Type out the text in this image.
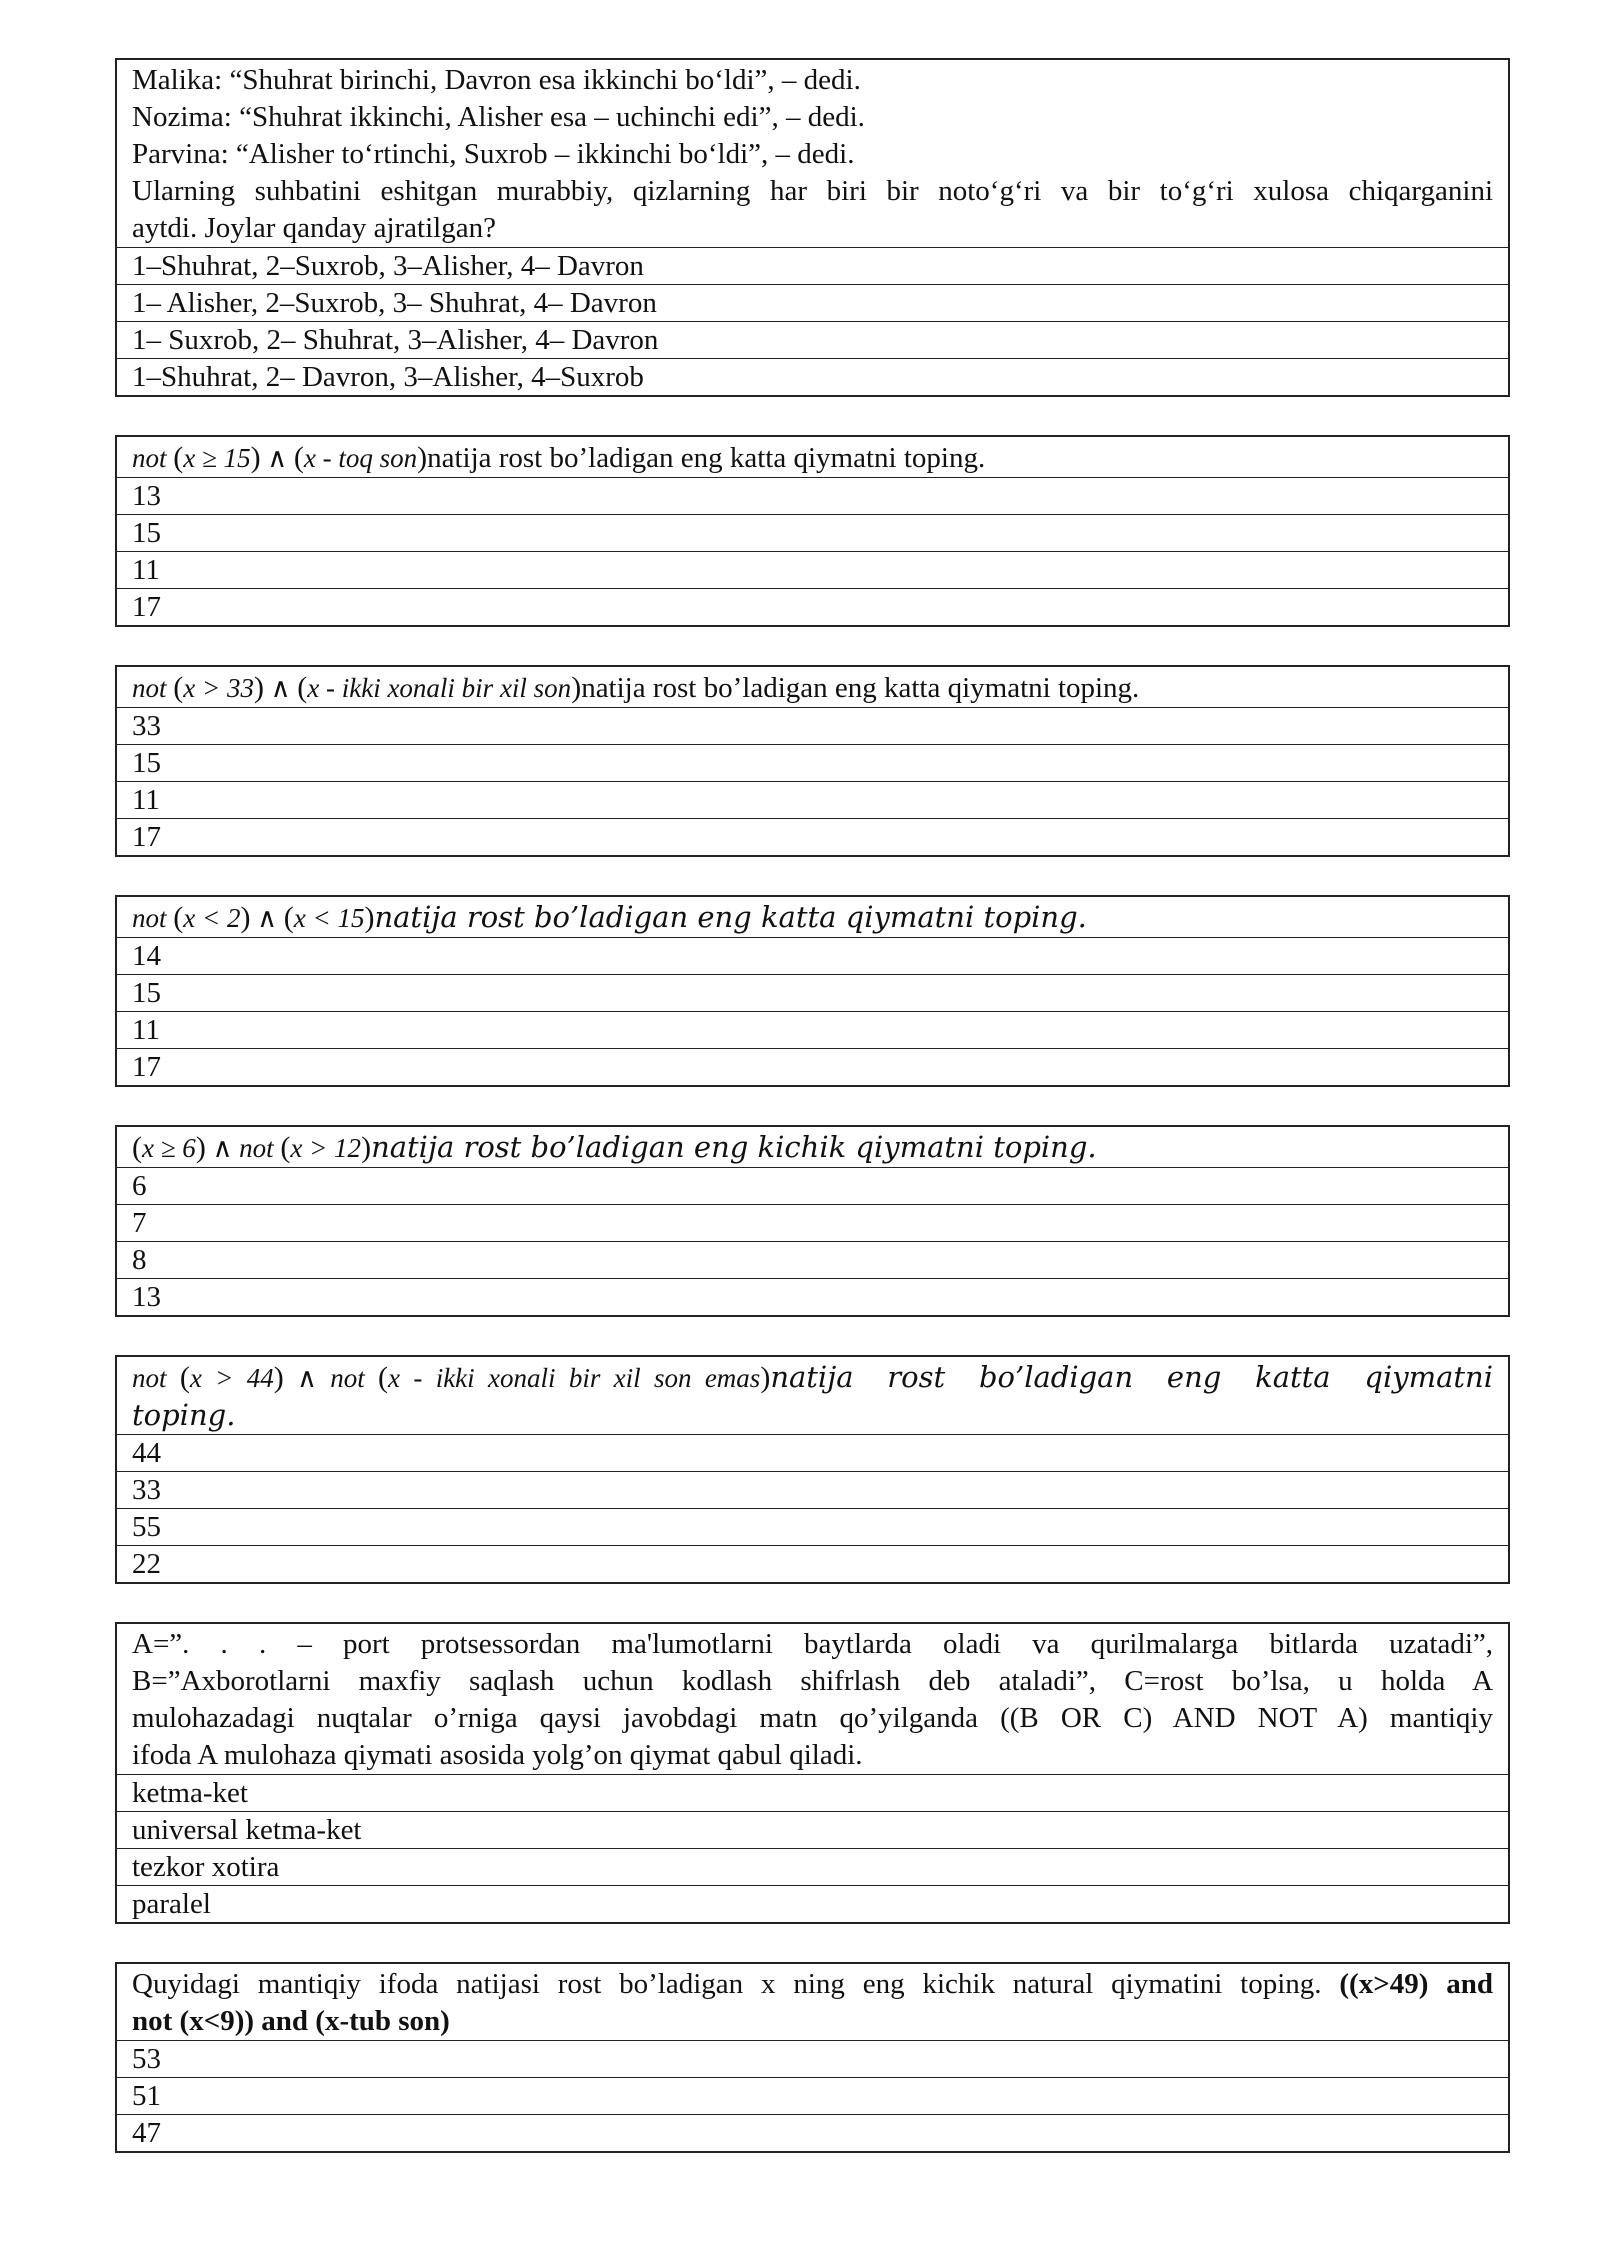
Malika: “Shuhrat birinchi, Davron esa ikkinchi bo‘ldi”, – dedi.
Nozima: “Shuhrat ikkinchi, Alisher esa – uchinchi edi”, – dedi.
Parvina: “Alisher to‘rtinchi, Suxrob – ikkinchi bo‘ldi”, – dedi.
Ularning suhbatini eshitgan murabbiy, qizlarning har biri bir noto‘g‘ri va bir to‘g‘ri xulosa chiqarganini
aytdi. Joylar qanday ajratilgan?
1–Shuhrat, 2–Suxrob, 3–Alisher, 4– Davron
1– Alisher, 2–Suxrob, 3– Shuhrat, 4– Davron
1– Suxrob, 2– Shuhrat, 3–Alisher, 4– Davron
1–Shuhrat, 2– Davron, 3–Alisher, 4–Suxrob
not (x ≥ 15) ∧ (x - toq son)natija rost bo’ladigan eng katta qiymatni toping.
13
15
11
17
not (x > 33) ∧ (x - ikki xonali bir xil son)natija rost bo’ladigan eng katta qiymatni toping.
33
15
11
17
not (x < 2) ∧ (x < 15)natija rost bo’ladigan eng katta qiymatni toping.
14
15
11
17
(x ≥ 6) ∧ not (x > 12)natija rost bo’ladigan eng kichik qiymatni toping.
6
7
8
13
not (x > 44) ∧ not (x - ikki xonali bir xil son emas)natija rost bo’ladigan eng katta qiymatni
toping.
44
33
55
22
A=”. . . – port protsessordan ma'lumotlarni baytlarda oladi va qurilmalarga bitlarda uzatadi”,
B=”Axborotlarni maxfiy saqlash uchun kodlash shifrlash deb ataladi”, C=rost bo’lsa, u holda A
mulohazadagi nuqtalar o’rniga qaysi javobdagi matn qo’yilganda ((B OR C) AND NOT A) mantiqiy
ifoda A mulohaza qiymati asosida yolg’on qiymat qabul qiladi.
ketma-ket
universal ketma-ket
tezkor xotira
paralel
Quyidagi mantiqiy ifoda natijasi rost bo’ladigan x ning eng kichik natural qiymatini toping. ((x>49) and
not (x<9)) and (x-tub son)
53
51
47
